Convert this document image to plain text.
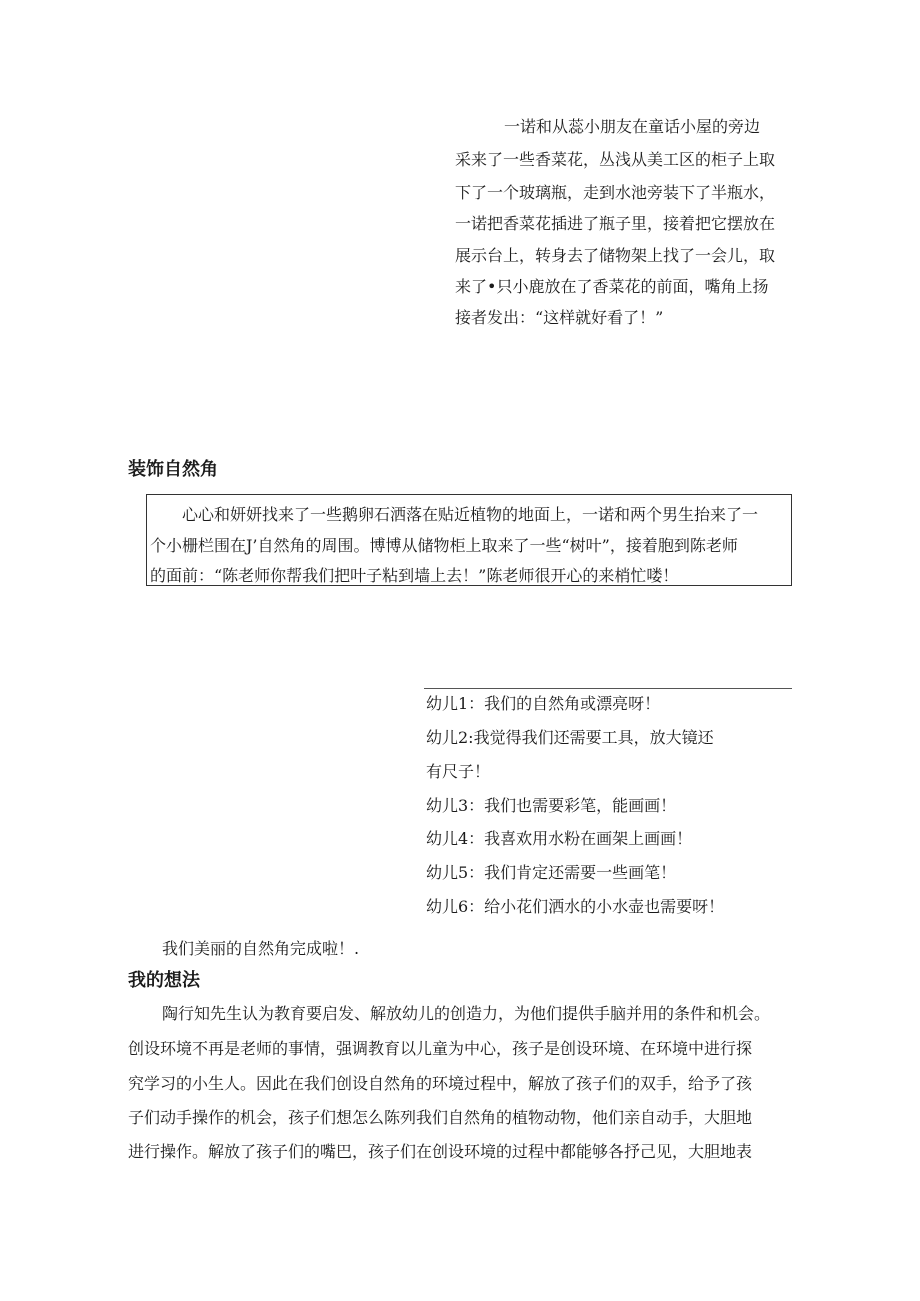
一诺和从蕊小朋友在童话小屋的旁边
采来了一些香菜花，丛浅从美工区的柜子上取
下了一个玻璃瓶，走到水池旁装下了半瓶水，
一诺把香菜花插进了瓶子里，接着把它摆放在
展示台上，转身去了储物架上找了一会儿，取
来了•只小鹿放在了香菜花的前面，嘴角上扬
接者发出：“这样就好看了！”
装饰自然角
心心和妍妍找来了一些鹅卵石洒落在贴近植物的地面上，一诺和两个男生抬来了一
个小栅栏围在J’自然角的周围。博博从储物柜上取来了一些“树叶”，接着胞到陈老师
的面前：“陈老师你帮我们把叶子粘到墙上去！”陈老师很开心的来梢忙喽！
幼儿1：我们的自然角或漂亮呀！
幼儿2:我觉得我们还需要工具，放大镜还
有尺子！
幼儿3：我们也需要彩笔，能画画！
幼儿4：我喜欢用水粉在画架上画画！
幼儿5：我们肯定还需要一些画笔！
幼儿6：给小花们洒水的小水壶也需要呀！
我们美丽的自然角完成啦！.
我的想法
陶行知先生认为教育要启发、解放幼儿的创造力，为他们提供手脑并用的条件和机会。
创设环境不再是老师的事情，强调教育以儿童为中心，孩子是创设环境、在环境中进行探
究学习的小生人。因此在我们创设自然角的环境过程中，解放了孩子们的双手，给予了孩
子们动手操作的机会，孩子们想怎么陈列我们自然角的植物动物，他们亲自动手，大胆地
进行操作。解放了孩子们的嘴巴，孩子们在创设环境的过程中都能够各抒己见，大胆地表
